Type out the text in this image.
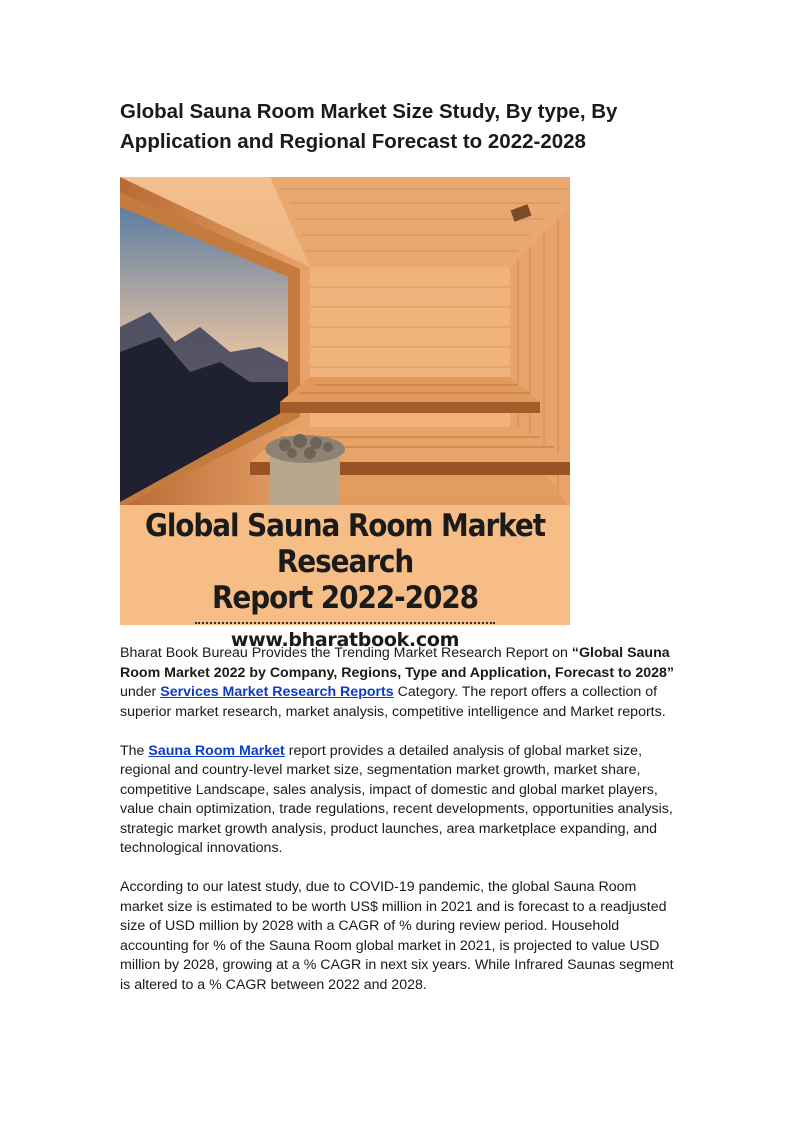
Global Sauna Room Market Size Study, By type, By Application and Regional Forecast to 2022-2028
Global Sauna Room Market Research
Report 2022-2028
www.bharatbook.com

Bharat Book Bureau Provides the Trending Market Research Report on “Global Sauna Room Market 2022 by Company, Regions, Type and Application, Forecast to 2028” under Services Market Research Reports Category. The report offers a collection of superior market research, market analysis, competitive intelligence and Market reports.

The Sauna Room Market report provides a detailed analysis of global market size, regional and country-level market size, segmentation market growth, market share, competitive Landscape, sales analysis, impact of domestic and global market players, value chain optimization, trade regulations, recent developments, opportunities analysis, strategic market growth analysis, product launches, area marketplace expanding, and technological innovations.

According to our latest study, due to COVID-19 pandemic, the global Sauna Room market size is estimated to be worth US$ million in 2021 and is forecast to a readjusted size of USD million by 2028 with a CAGR of % during review period. Household accounting for % of the Sauna Room global market in 2021, is projected to value USD million by 2028, growing at a % CAGR in next six years. While Infrared Saunas segment is altered to a % CAGR between 2022 and 2028.
